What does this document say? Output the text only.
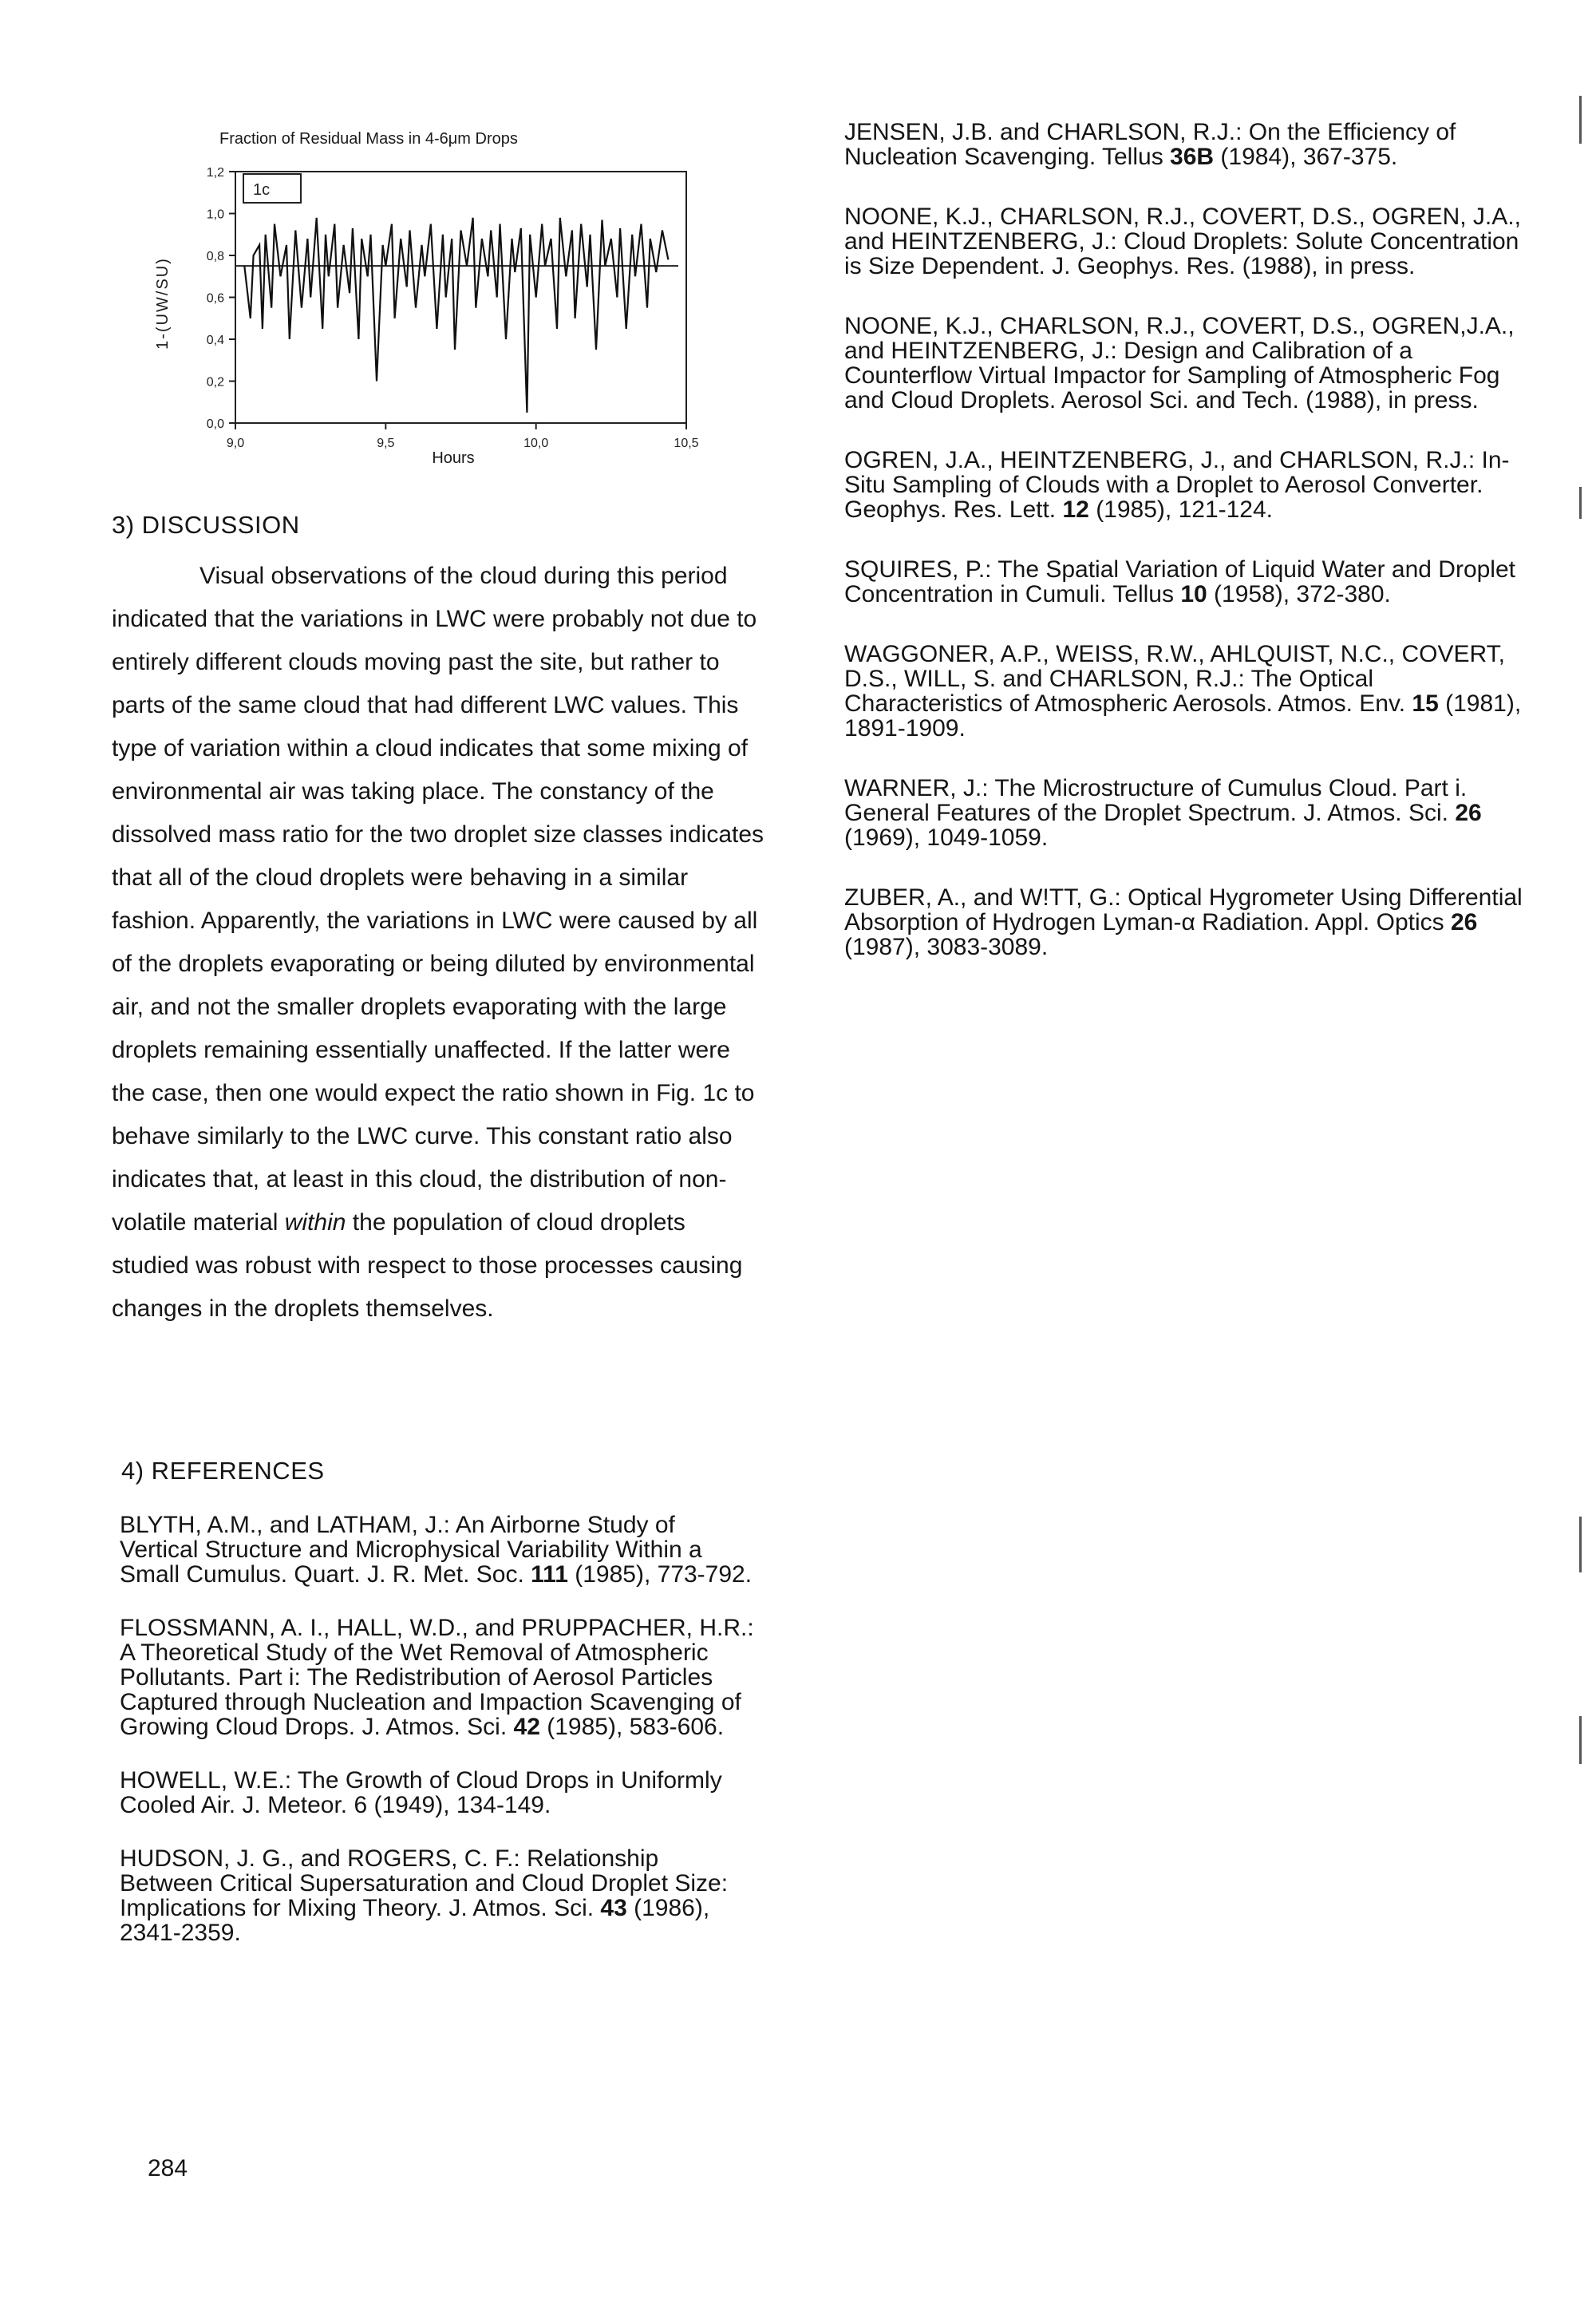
Fraction of Residual Mass in 4-6μm Drops
1-(UW/SU)
Hours
0,0
0,2
0,4
0,6
0,8
1,0
1,2
9,0	9,5	10,0	10,5
1c
3) DISCUSSION

Visual observations of the cloud during this period indicated that the variations in LWC were probably not due to entirely different clouds moving past the site, but rather to parts of the same cloud that had different LWC values. This type of variation within a cloud indicates that some mixing of environmental air was taking place. The constancy of the dissolved mass ratio for the two droplet size classes indicates that all of the cloud droplets were behaving in a similar fashion. Apparently, the variations in LWC were caused by all of the droplets evaporating or being diluted by environmental air, and not the smaller droplets evaporating with the large droplets remaining essentially unaffected. If the latter were the case, then one would expect the ratio shown in Fig. 1c to behave similarly to the LWC curve. This constant ratio also indicates that, at least in this cloud, the distribution of non-volatile material within the population of cloud droplets studied was robust with respect to those processes causing changes in the droplets themselves.

4) REFERENCES

BLYTH, A.M., and LATHAM, J.: An Airborne Study of Vertical Structure and Microphysical Variability Within a Small Cumulus. Quart. J. R. Met. Soc. 111 (1985), 773-792.

FLOSSMANN, A. I., HALL, W.D., and PRUPPACHER, H.R.: A Theoretical Study of the Wet Removal of Atmospheric Pollutants. Part i: The Redistribution of Aerosol Particles Captured through Nucleation and Impaction Scavenging of Growing Cloud Drops. J. Atmos. Sci. 42 (1985), 583-606.

HOWELL, W.E.: The Growth of Cloud Drops in Uniformly Cooled Air. J. Meteor. 6 (1949), 134-149.

HUDSON, J. G., and ROGERS, C. F.: Relationship Between Critical Supersaturation and Cloud Droplet Size: Implications for Mixing Theory. J. Atmos. Sci. 43 (1986), 2341-2359.

JENSEN, J.B. and CHARLSON, R.J.: On the Efficiency of Nucleation Scavenging. Tellus 36B (1984), 367-375.

NOONE, K.J., CHARLSON, R.J., COVERT, D.S., OGREN, J.A., and HEINTZENBERG, J.: Cloud Droplets: Solute Concentration is Size Dependent. J. Geophys. Res. (1988), in press.

NOONE, K.J., CHARLSON, R.J., COVERT, D.S., OGREN,J.A., and HEINTZENBERG, J.: Design and Calibration of a Counterflow Virtual Impactor for Sampling of Atmospheric Fog and Cloud Droplets. Aerosol Sci. and Tech. (1988), in press.

OGREN, J.A., HEINTZENBERG, J., and CHARLSON, R.J.: In-Situ Sampling of Clouds with a Droplet to Aerosol Converter. Geophys. Res. Lett. 12 (1985), 121-124.

SQUIRES, P.: The Spatial Variation of Liquid Water and Droplet Concentration in Cumuli. Tellus 10 (1958), 372-380.

WAGGONER, A.P., WEISS, R.W., AHLQUIST, N.C., COVERT, D.S., WILL, S. and CHARLSON, R.J.: The Optical Characteristics of Atmospheric Aerosols. Atmos. Env. 15 (1981), 1891-1909.

WARNER, J.: The Microstructure of Cumulus Cloud. Part i. General Features of the Droplet Spectrum. J. Atmos. Sci. 26 (1969), 1049-1059.

ZUBER, A., and W!TT, G.: Optical Hygrometer Using Differential Absorption of Hydrogen Lyman-α Radiation. Appl. Optics 26 (1987), 3083-3089.

284
